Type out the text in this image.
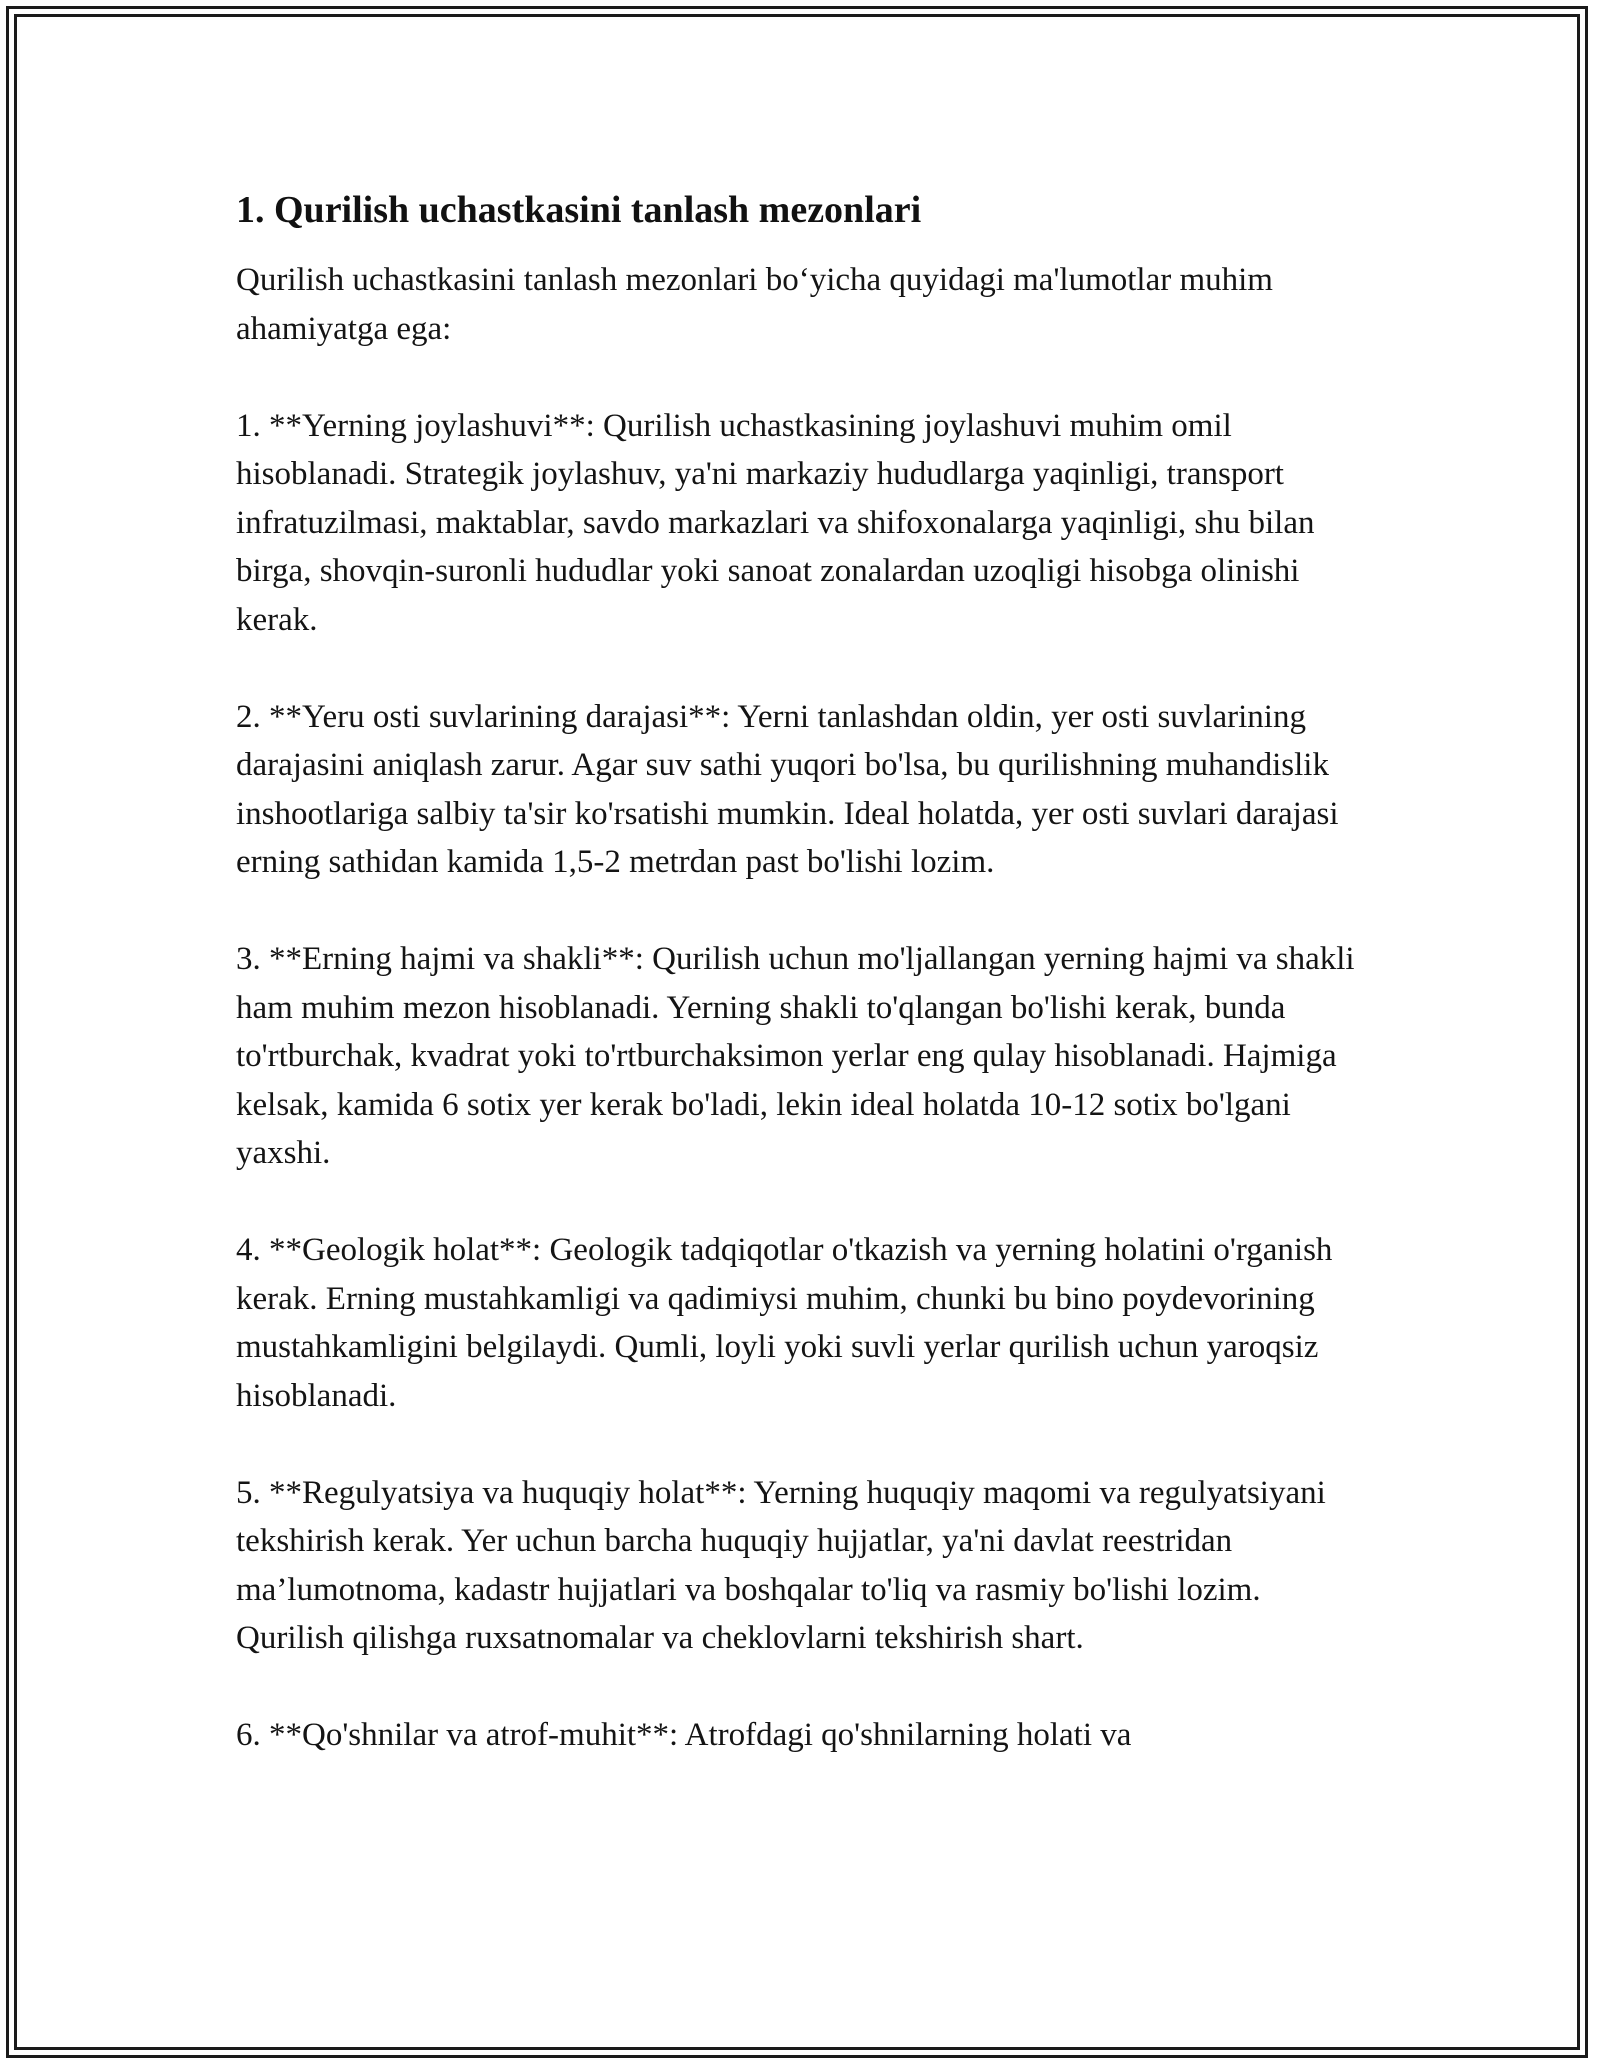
1. Qurilish uchastkasini tanlash mezonlari

Qurilish uchastkasini tanlash mezonlari bo‘yicha quyidagi ma'lumotlar muhim ahamiyatga ega:

1. **Yerning joylashuvi**: Qurilish uchastkasining joylashuvi muhim omil hisoblanadi. Strategik joylashuv, ya'ni markaziy hududlarga yaqinligi, transport infratuzilmasi, maktablar, savdo markazlari va shifoxonalarga yaqinligi, shu bilan birga, shovqin-suronli hududlar yoki sanoat zonalardan uzoqligi hisobga olinishi kerak.

2. **Yeru osti suvlarining darajasi**: Yerni tanlashdan oldin, yer osti suvlarining darajasini aniqlash zarur. Agar suv sathi yuqori bo'lsa, bu qurilishning muhandislik inshootlariga salbiy ta'sir ko'rsatishi mumkin. Ideal holatda, yer osti suvlari darajasi erning sathidan kamida 1,5-2 metrdan past bo'lishi lozim.

3. **Erning hajmi va shakli**: Qurilish uchun mo'ljallangan yerning hajmi va shakli ham muhim mezon hisoblanadi. Yerning shakli to'qlangan bo'lishi kerak, bunda to'rtburchak, kvadrat yoki to'rtburchaksimon yerlar eng qulay hisoblanadi. Hajmiga kelsak, kamida 6 sotix yer kerak bo'ladi, lekin ideal holatda 10-12 sotix bo'lgani yaxshi.

4. **Geologik holat**: Geologik tadqiqotlar o'tkazish va yerning holatini o'rganish kerak. Erning mustahkamligi va qadimiysi muhim, chunki bu bino poydevorining mustahkamligini belgilaydi. Qumli, loyli yoki suvli yerlar qurilish uchun yaroqsiz hisoblanadi.

5. **Regulyatsiya va huquqiy holat**: Yerning huquqiy maqomi va regulyatsiyani tekshirish kerak. Yer uchun barcha huquqiy hujjatlar, ya'ni davlat reestridan ma’lumotnoma, kadastr hujjatlari va boshqalar to'liq va rasmiy bo'lishi lozim. Qurilish qilishga ruxsatnomalar va cheklovlarni tekshirish shart.

6. **Qo'shnilar va atrof-muhit**: Atrofdagi qo'shnilarning holati va
